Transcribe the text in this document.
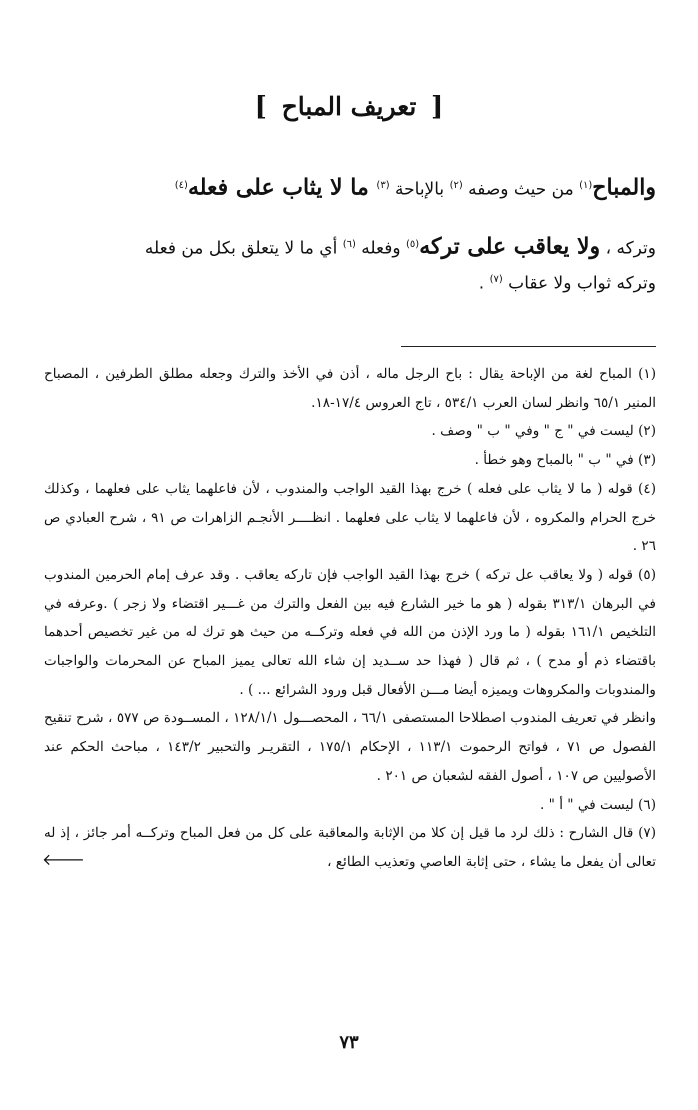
[ تعريف المباح ]
والمباح$^{(١)}$ من حيث وصفه $^{(٢)}$ بالإباحة $^{(٣)}$ ما لا يثاب على فعله$^{(٤)}$
وتركه ، ولا يعاقب على تركه$^{(٥)}$ وفعله $^{(٦)}$ أي ما لا يتعلق بكل من فعله
وتركه ثواب ولا عقاب $^{(٧)}$ .

(١) المباح لغة من الإباحة يقال : باح الرجل ماله ، أذن في الأخذ والترك وجعله مطلق الطرفين ، المصباح المنير ٦٥/١ وانظر لسان العرب ٥٣٤/١ ، تاج العروس ١٧/٤-١٨.

(٢) ليست في " ج " وفي " ب " وصف .

(٣) في " ب " بالمباح وهو خطأ .

(٤) قوله ( ما لا يثاب على فعله ) خرج بهذا القيد الواجب والمندوب ، لأن فاعلهما يثاب على فعلهما ، وكذلك خرج الحرام والمكروه ، لأن فاعلهما لا يثاب على فعلهما . انظــــر الأنجـم الزاهرات ص ٩١ ، شرح العبادي ص ٢٦ .

(٥) قوله ( ولا يعاقب عل تركه ) خرج بهذا القيد الواجب فإن تاركه يعاقب . وقد عرف إمام الحرمين المندوب في البرهان ٣١٣/١ بقوله ( هو ما خير الشارع فيه بين الفعل والترك من غـــير اقتضاء ولا زجر ) .وعرفه في التلخيص ١٦١/١ بقوله ( ما ورد الإذن من الله في فعله وتركــه من حيث هو ترك له من غير تخصيص أحدهما باقتضاء ذم أو مدح ) ، ثم قال ( فهذا حد ســديد إن شاء الله تعالى يميز المباح عن المحرمات والواجبات والمندوبات والمكروهات ويميزه أيضا مـــن الأفعال قبل ورود الشرائع ... ) .

وانظر في تعريف المندوب اصطلاحا المستصفى ٦٦/١ ، المحصـــول ١٢٨/١/١ ، المســودة ص ٥٧٧ ، شرح تنقيح الفصول ص ٧١ ، فواتح الرحموت ١١٣/١ ، الإحكام ١٧٥/١ ، التقريـر والتحبير ١٤٣/٢ ، مباحث الحكم عند الأصوليين ص ١٠٧ ، أصول الفقه لشعبان ص ٢٠١ .

(٦) ليست في " أ " .

(٧) قال الشارح : ذلك لرد ما قيل إن كلا من الإثابة والمعاقبة على كل من فعل المباح وتركــه أمر جائز ، إذ له تعالى أن يفعل ما يشاء ، حتى إثابة العاصي وتعذيب الطائع ،

🡐
٧٣
